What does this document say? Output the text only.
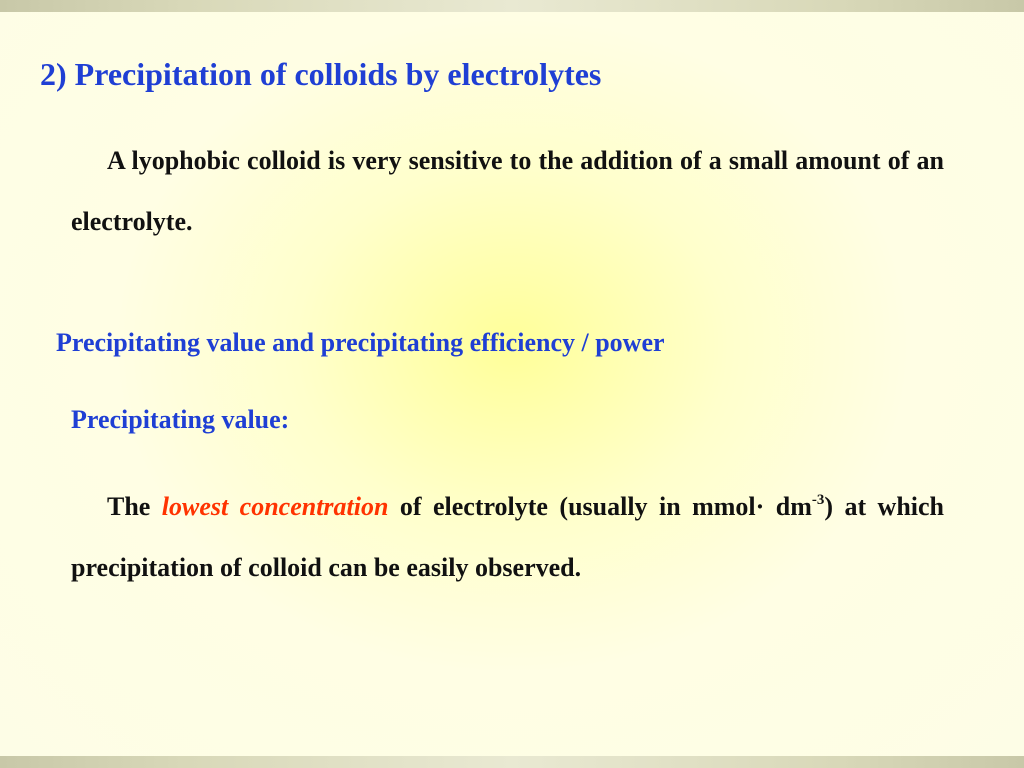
2) Precipitation of colloids by electrolytes

A lyophobic colloid is very sensitive to the addition of a small amount of an electrolyte.

Precipitating value and precipitating efficiency / power
Precipitating value:

The lowest concentration of electrolyte (usually in mmol· $dm^{-3}$) at which precipitation of colloid can be easily observed.
